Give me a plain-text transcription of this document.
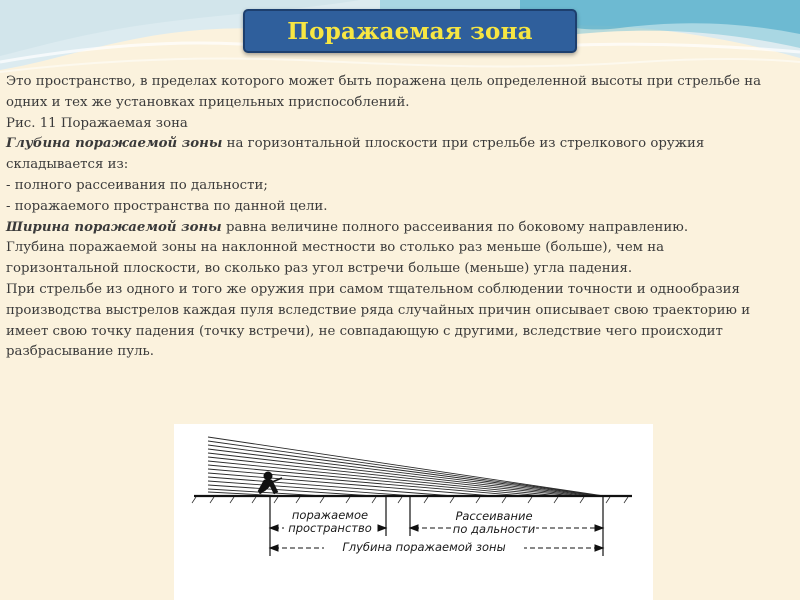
Поражаемая зона

Это пространство, в пределах которого может быть поражена цель определенной высоты при стрельбе на одних и тех же установках прицельных приспособлений.

Рис. 11 Поражаемая зона

Глубина поражаемой зоны на горизонтальной плоскости при стрельбе из стрелкового оружия складывается из:

- полного рассеивания по дальности;

- поражаемого пространства по данной цели.

Ширина поражаемой зоны равна величине полного рассеивания по боковому направлению.

Глубина поражаемой зоны на наклонной местности во столько раз меньше (больше), чем на горизонтальной плоскости, во сколько раз угол встречи больше (меньше) угла падения.

При стрельбе из одного и того же оружия при самом тщательном соблюдении точности и однообразия производства выстрелов каждая пуля вследствие ряда случайных причин описывает свою траекторию и имеет свою точку падения (точку встречи), не совпадающую с другими, вследствие чего происходит разбрасывание пуль.

поражаемое
пространство
Рассеивание
по дальности
Глубина поражаемой зоны
